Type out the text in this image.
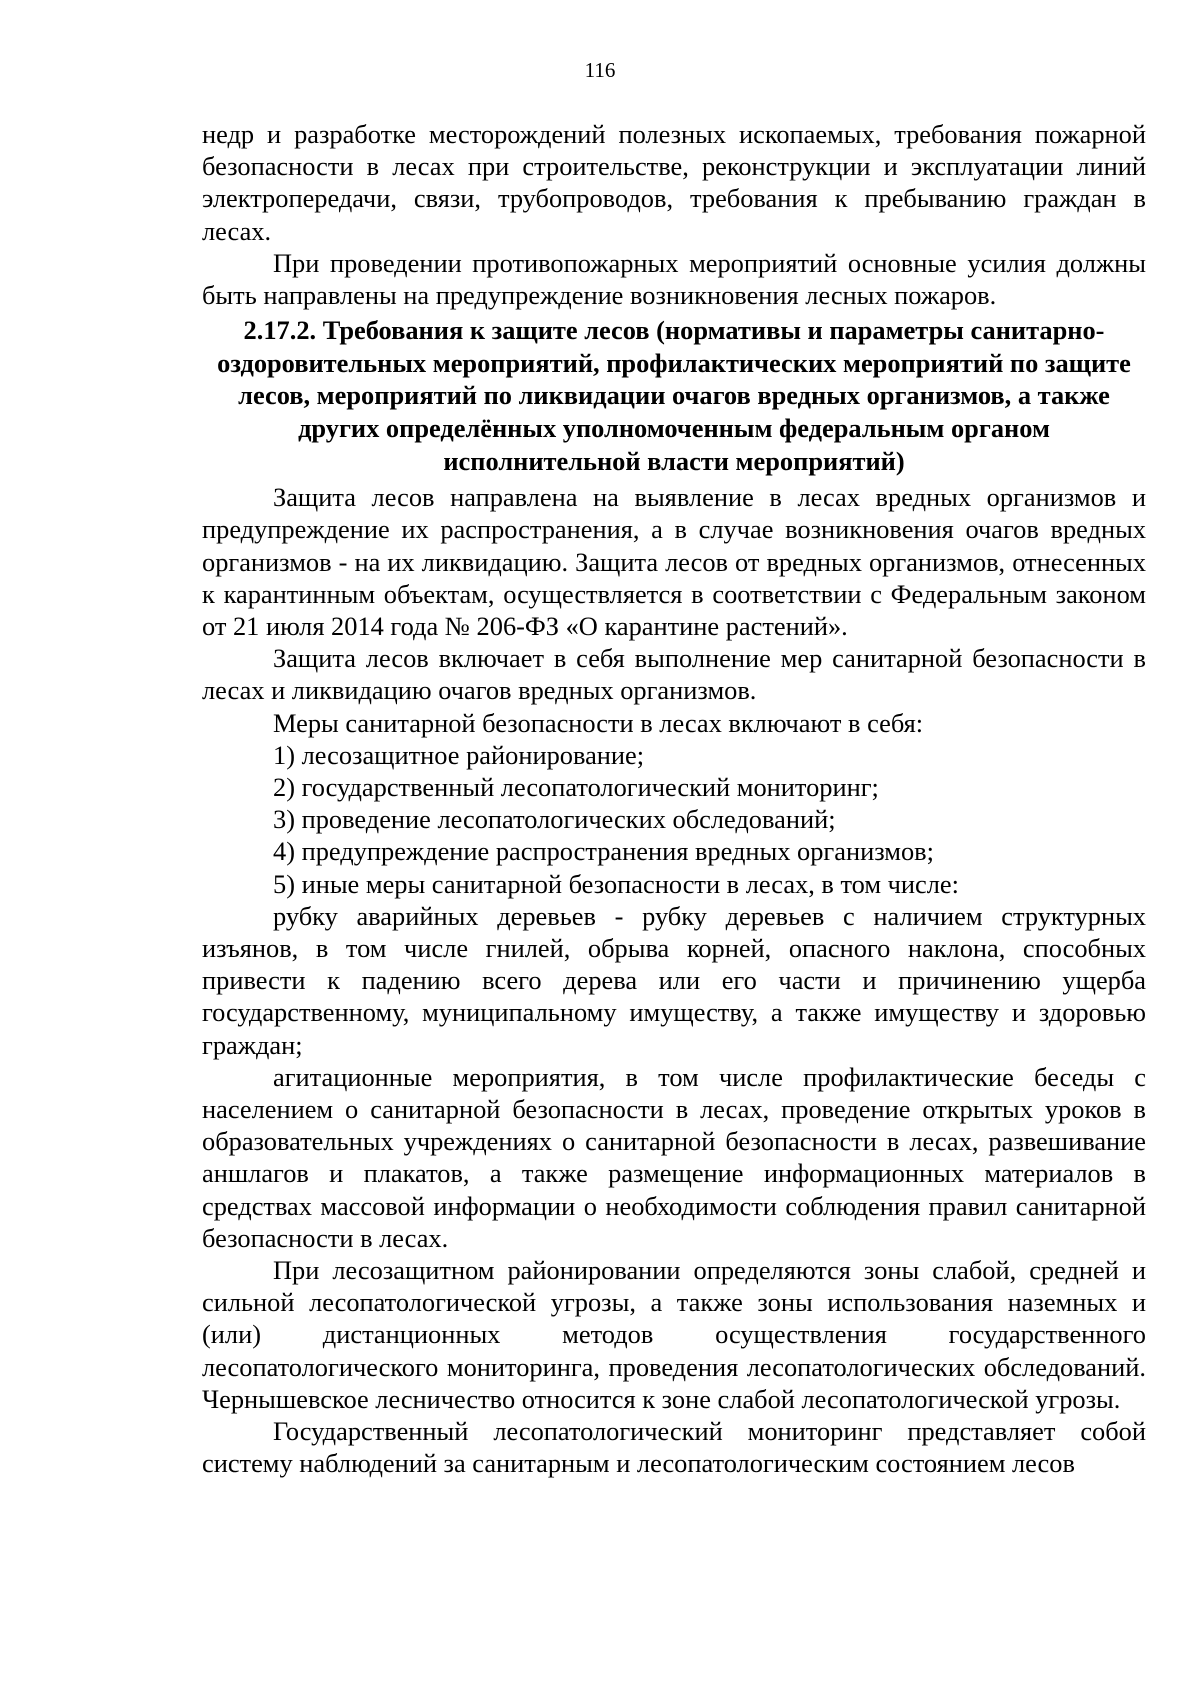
116

недр и разработке месторождений полезных ископаемых, требования пожарной безопасности в лесах при строительстве, реконструкции и эксплуатации линий электропередачи, связи, трубопроводов, требования к пребыванию граждан в лесах.

При проведении противопожарных мероприятий основные усилия должны быть направлены на предупреждение возникновения лесных пожаров.

2.17.2. Требования к защите лесов (нормативы и параметры санитарно-оздоровительных мероприятий, профилактических мероприятий по защите лесов, мероприятий по ликвидации очагов вредных организмов, а также других определённых уполномоченным федеральным органом исполнительной власти мероприятий)

Защита лесов направлена на выявление в лесах вредных организмов и предупреждение их распространения, а в случае возникновения очагов вредных организмов - на их ликвидацию. Защита лесов от вредных организмов, отнесенных к карантинным объектам, осуществляется в соответствии с Федеральным законом от 21 июля 2014 года № 206-ФЗ «О карантине растений».

Защита лесов включает в себя выполнение мер санитарной безопасности в лесах и ликвидацию очагов вредных организмов.

Меры санитарной безопасности в лесах включают в себя:

1) лесозащитное районирование;

2) государственный лесопатологический мониторинг;

3) проведение лесопатологических обследований;

4) предупреждение распространения вредных организмов;

5) иные меры санитарной безопасности в лесах, в том числе:

рубку аварийных деревьев - рубку деревьев с наличием структурных изъянов, в том числе гнилей, обрыва корней, опасного наклона, способных привести к падению всего дерева или его части и причинению ущерба государственному, муниципальному имуществу, а также имуществу и здоровью граждан;

агитационные мероприятия, в том числе профилактические беседы с населением о санитарной безопасности в лесах, проведение открытых уроков в образовательных учреждениях о санитарной безопасности в лесах, развешивание аншлагов и плакатов, а также размещение информационных материалов в средствах массовой информации о необходимости соблюдения правил санитарной безопасности в лесах.

При лесозащитном районировании определяются зоны слабой, средней и сильной лесопатологической угрозы, а также зоны использования наземных и (или) дистанционных методов осуществления государственного лесопатологического мониторинга, проведения лесопатологических обследований. Чернышевское лесничество относится к зоне слабой лесопатологической угрозы.

Государственный лесопатологический мониторинг представляет собой систему наблюдений за санитарным и лесопатологическим состоянием лесов
